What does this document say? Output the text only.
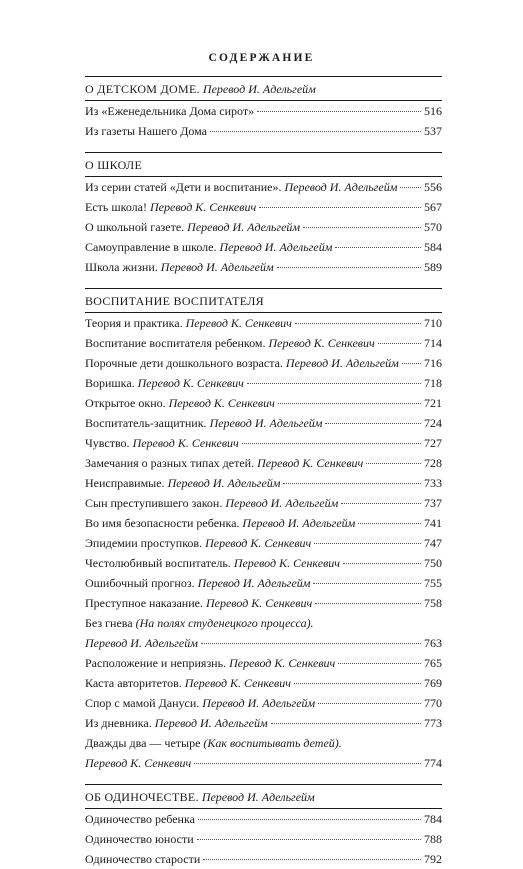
СОДЕРЖАНИЕ
О ДЕТСКОМ ДОМЕ. Перевод И. Адельгейм
Из «Еженедельника Дома сирот»	516
Из газеты Нашего Дома	537
О ШКОЛЕ
Из серии статей «Дети и воспитание». Перевод И. Адельгейм 556
Есть школа! Перевод К. Сенкевич	567
О школьной газете. Перевод И. Адельгейм	570
Самоуправление в школе. Перевод И. Адельгейм	584
Школа жизни. Перевод И. Адельгейм	589
ВОСПИТАНИЕ ВОСПИТАТЕЛЯ
Теория и практика. Перевод К. Сенкевич	710
Воспитание воспитателя ребенком. Перевод К. Сенкевич	714
Порочные дети дошкольного возраста. Перевод И. Адельгейм 716
Воришка. Перевод К. Сенкевич	718
Открытое окно. Перевод К. Сенкевич	721
Воспитатель-защитник. Перевод И. Адельгейм	724
Чувство. Перевод К. Сенкевич	727
Замечания о разных типах детей. Перевод К. Сенкевич	728
Неисправимые. Перевод И. Адельгейм	733
Сын преступившего закон. Перевод И. Адельгейм	737
Во имя безопасности ребенка. Перевод И. Адельгейм	741
Эпидемии проступков. Перевод К. Сенкевич	747
Честолюбивый воспитатель. Перевод К. Сенкевич	750
Ошибочный прогноз. Перевод И. Адельгейм	755
Преступное наказание. Перевод К. Сенкевич	758
Без гнева (На полях студенецкого процесса).
Перевод И. Адельгейм	763
Расположение и неприязнь. Перевод К. Сенкевич	765
Каста авторитетов. Перевод К. Сенкевич	769
Спор с мамой Дануси. Перевод И. Адельгейм	770
Из дневника. Перевод И. Адельгейм	773
Дважды два — четыре (Как воспитывать детей).
Перевод К. Сенкевич	774
ОБ ОДИНОЧЕСТВЕ. Перевод И. Адельгейм
Одиночество ребенка	784
Одиночество юности	788
Одиночество старости	792
